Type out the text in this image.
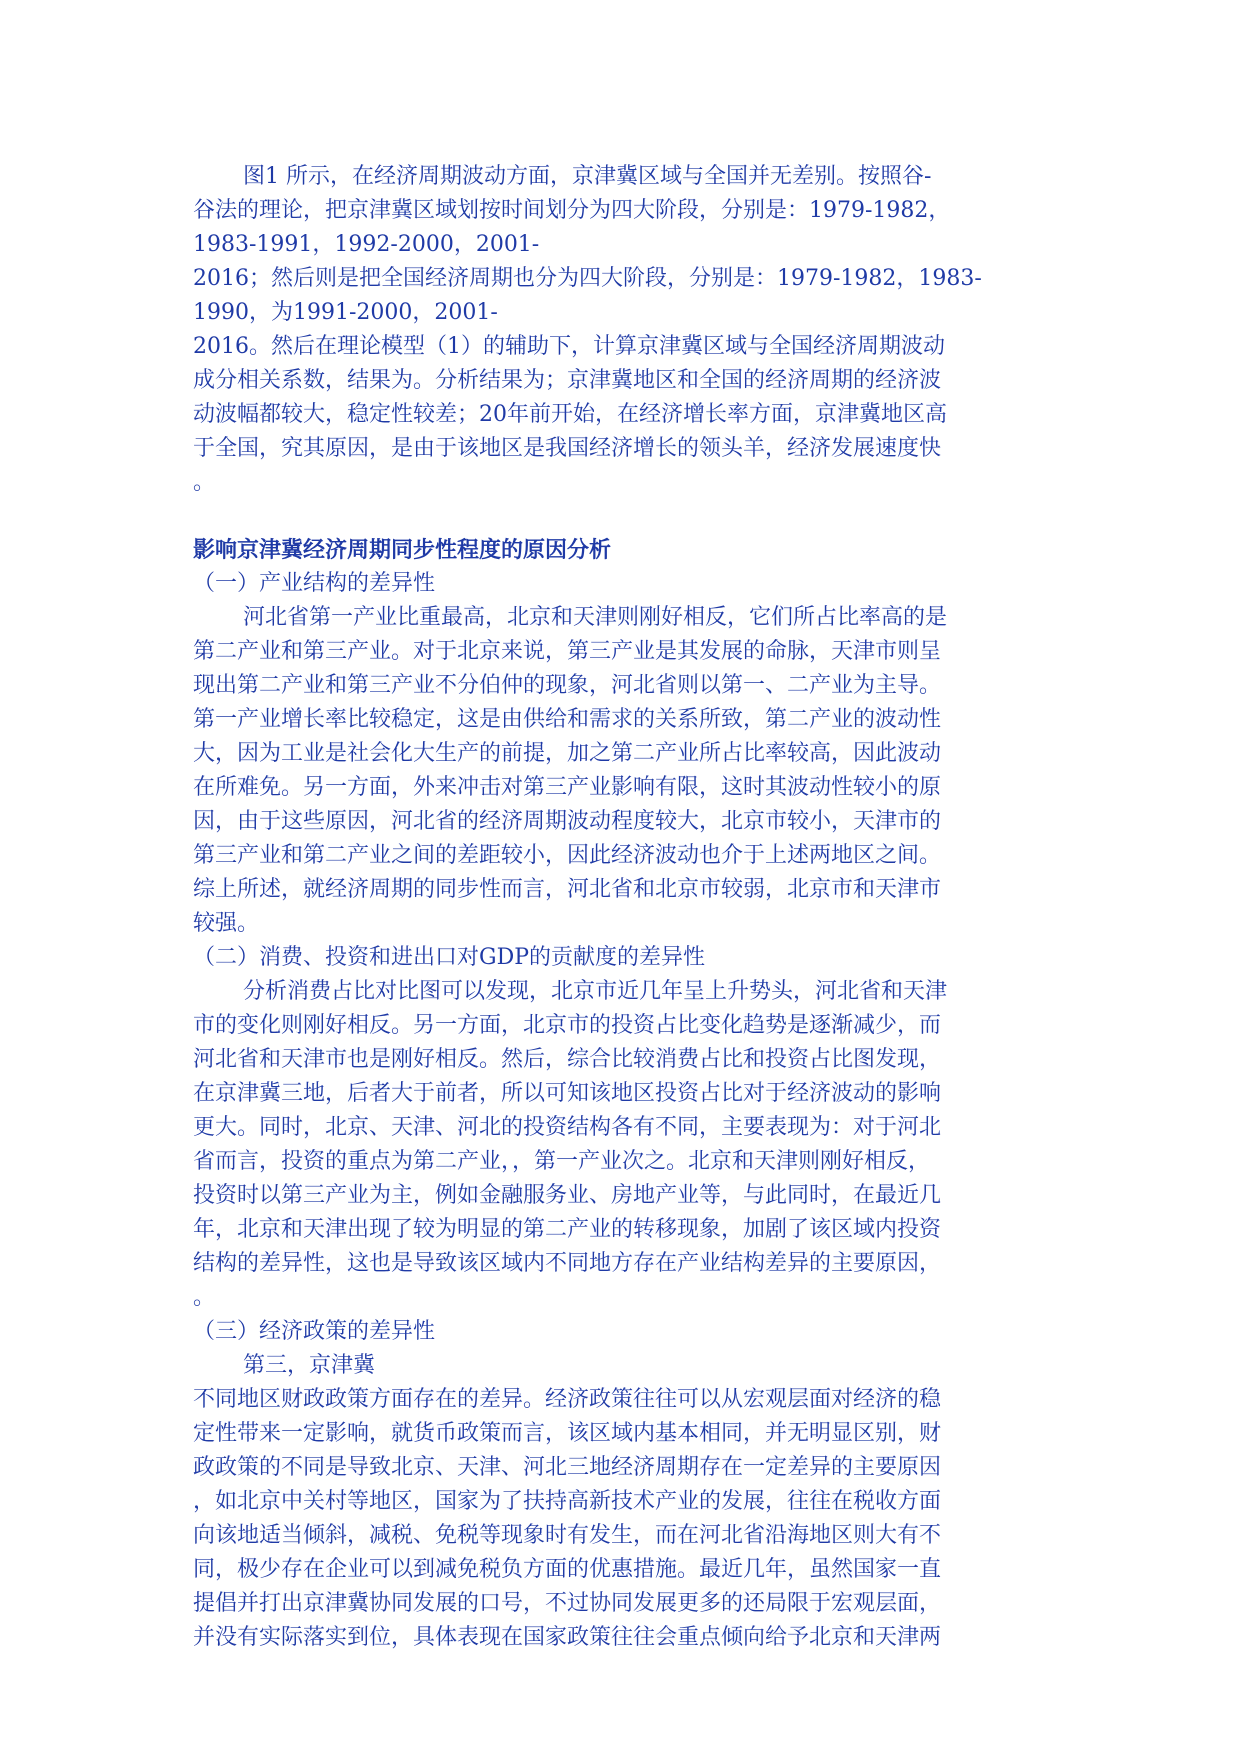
图1 所示，在经济周期波动方面，京津冀区域与全国并无差别。按照谷-
谷法的理论，把京津冀区域划按时间划分为四大阶段，分别是：1979-1982，
1983-1991，1992-2000，2001-
2016；然后则是把全国经济周期也分为四大阶段，分别是：1979-1982，1983-
1990，为1991-2000，2001-
2016。然后在理论模型（1）的辅助下，计算京津冀区域与全国经济周期波动
成分相关系数，结果为。分析结果为；京津冀地区和全国的经济周期的经济波
动波幅都较大，稳定性较差；20年前开始，在经济增长率方面，京津冀地区高
于全国，究其原因，是由于该地区是我国经济增长的领头羊，经济发展速度快
。
影响京津冀经济周期同步性程度的原因分析
（一）产业结构的差异性
河北省第一产业比重最高，北京和天津则刚好相反，它们所占比率高的是
第二产业和第三产业。对于北京来说，第三产业是其发展的命脉，天津市则呈
现出第二产业和第三产业不分伯仲的现象，河北省则以第一、二产业为主导。
第一产业增长率比较稳定，这是由供给和需求的关系所致，第二产业的波动性
大，因为工业是社会化大生产的前提，加之第二产业所占比率较高，因此波动
在所难免。另一方面，外来冲击对第三产业影响有限，这时其波动性较小的原
因，由于这些原因，河北省的经济周期波动程度较大，北京市较小，天津市的
第三产业和第二产业之间的差距较小，因此经济波动也介于上述两地区之间。
综上所述，就经济周期的同步性而言，河北省和北京市较弱，北京市和天津市
较强。
（二）消费、投资和进出口对GDP的贡献度的差异性
分析消费占比对比图可以发现，北京市近几年呈上升势头，河北省和天津
市的变化则刚好相反。另一方面，北京市的投资占比变化趋势是逐渐减少，而
河北省和天津市也是刚好相反。然后，综合比较消费占比和投资占比图发现，
在京津冀三地，后者大于前者，所以可知该地区投资占比对于经济波动的影响
更大。同时，北京、天津、河北的投资结构各有不同，主要表现为：对于河北
省而言，投资的重点为第二产业，，第一产业次之。北京和天津则刚好相反，
投资时以第三产业为主，例如金融服务业、房地产业等，与此同时，在最近几
年，北京和天津出现了较为明显的第二产业的转移现象，加剧了该区域内投资
结构的差异性，这也是导致该区域内不同地方存在产业结构差异的主要原因，
。
（三）经济政策的差异性
第三，京津冀
不同地区财政政策方面存在的差异。经济政策往往可以从宏观层面对经济的稳
定性带来一定影响，就货币政策而言，该区域内基本相同，并无明显区别，财
政政策的不同是导致北京、天津、河北三地经济周期存在一定差异的主要原因
，如北京中关村等地区，国家为了扶持高新技术产业的发展，往往在税收方面
向该地适当倾斜，减税、免税等现象时有发生，而在河北省沿海地区则大有不
同，极少存在企业可以到减免税负方面的优惠措施。最近几年，虽然国家一直
提倡并打出京津冀协同发展的口号，不过协同发展更多的还局限于宏观层面，
并没有实际落实到位，具体表现在国家政策往往会重点倾向给予北京和天津两
